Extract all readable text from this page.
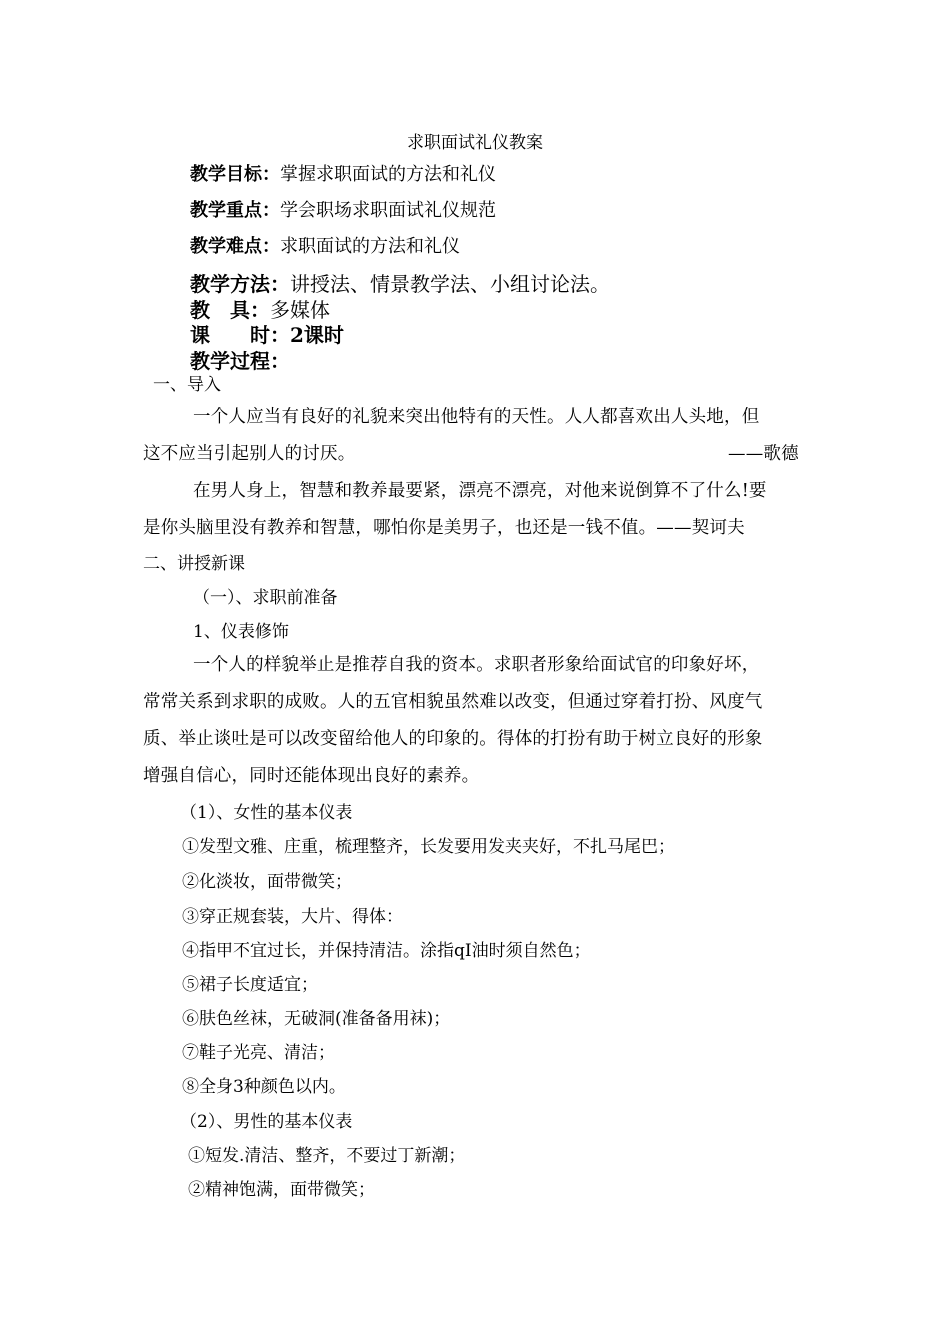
求职面试礼仪教案
教学目标：掌握求职面试的方法和礼仪
教学重点：学会职场求职面试礼仪规范
教学难点：求职面试的方法和礼仪
教学方法：讲授法、情景教学法、小组讨论法。
教　具：多媒体
课　　时：2课时
教学过程：
一、导入
一个人应当有良好的礼貌来突出他特有的天性。人人都喜欢出人头地，但
这不应当引起别人的讨厌。	——歌德
在男人身上，智慧和教养最要紧，漂亮不漂亮，对他来说倒算不了什么!要
是你头脑里没有教养和智慧，哪怕你是美男子，也还是一钱不值。——契诃夫
二、讲授新课
（一）、求职前准备
1、仪表修饰
一个人的样貌举止是推荐自我的资本。求职者形象给面试官的印象好坏，
常常关系到求职的成败。人的五官相貌虽然难以改变，但通过穿着打扮、风度气
质、举止谈吐是可以改变留给他人的印象的。得体的打扮有助于树立良好的形象
增强自信心，同时还能体现出良好的素养。
（1）、女性的基本仪表
①发型文雅、庄重，梳理整齐，长发要用发夹夹好，不扎马尾巴；
②化淡妆，面带微笑；
③穿正规套装，大片、得体：
④指甲不宜过长，并保持清洁。涂指qI油时须自然色；
⑤裙子长度适宜；
⑥肤色丝袜，无破洞(准备备用袜)；
⑦鞋子光亮、清洁；
⑧全身3种颜色以内。
（2）、男性的基本仪表
①短发.清洁、整齐，不要过丁新潮；
②精神饱满，面带微笑；
